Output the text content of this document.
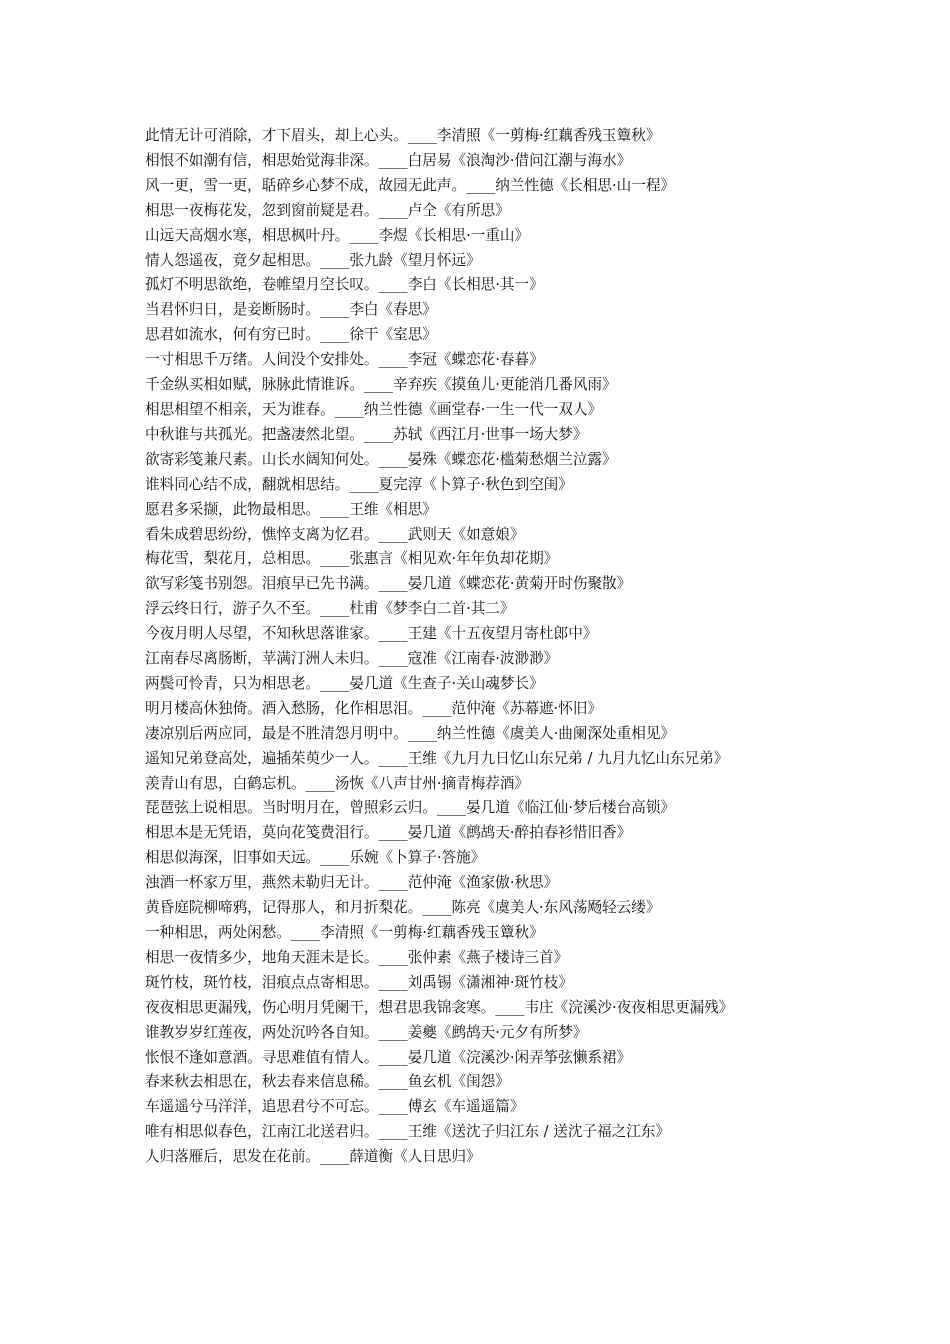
此情无计可消除，才下眉头，却上心头。____李清照《一剪梅·红藕香残玉簟秋》
相恨不如潮有信，相思始觉海非深。____白居易《浪淘沙·借问江潮与海水》
风一更，雪一更，聒碎乡心梦不成，故园无此声。____纳兰性德《长相思·山一程》
相思一夜梅花发，忽到窗前疑是君。____卢仝《有所思》
山远天高烟水寒，相思枫叶丹。____李煜《长相思·一重山》
情人怨遥夜，竟夕起相思。____张九龄《望月怀远》
孤灯不明思欲绝，卷帷望月空长叹。____李白《长相思·其一》
当君怀归日，是妾断肠时。____李白《春思》
思君如流水，何有穷已时。____徐干《室思》
一寸相思千万绪。人间没个安排处。____李冠《蝶恋花·春暮》
千金纵买相如赋，脉脉此情谁诉。____辛弃疾《摸鱼儿·更能消几番风雨》
相思相望不相亲，天为谁春。____纳兰性德《画堂春·一生一代一双人》
中秋谁与共孤光。把盏凄然北望。____苏轼《西江月·世事一场大梦》
欲寄彩笺兼尺素。山长水阔知何处。____晏殊《蝶恋花·槛菊愁烟兰泣露》
谁料同心结不成，翻就相思结。____夏完淳《卜算子·秋色到空闺》
愿君多采撷，此物最相思。____王维《相思》
看朱成碧思纷纷，憔悴支离为忆君。____武则天《如意娘》
梅花雪，梨花月，总相思。____张惠言《相见欢·年年负却花期》
欲写彩笺书别怨。泪痕早已先书满。____晏几道《蝶恋花·黄菊开时伤聚散》
浮云终日行，游子久不至。____杜甫《梦李白二首·其二》
今夜月明人尽望，不知秋思落谁家。____王建《十五夜望月寄杜郎中》
江南春尽离肠断，苹满汀洲人未归。____寇准《江南春·波渺渺》
两鬓可怜青，只为相思老。____晏几道《生查子·关山魂梦长》
明月楼高休独倚。酒入愁肠，化作相思泪。____范仲淹《苏幕遮·怀旧》
凄凉别后两应同，最是不胜清怨月明中。____纳兰性德《虞美人·曲阑深处重相见》
遥知兄弟登高处，遍插茱萸少一人。____王维《九月九日忆山东兄弟 / 九月九忆山东兄弟》
羡青山有思，白鹤忘机。____汤恢《八声甘州·摘青梅荐酒》
琵琶弦上说相思。当时明月在，曾照彩云归。____晏几道《临江仙·梦后楼台高锁》
相思本是无凭语，莫向花笺费泪行。____晏几道《鹧鸪天·醉拍春衫惜旧香》
相思似海深，旧事如天远。____乐婉《卜算子·答施》
浊酒一杯家万里，燕然未勒归无计。____范仲淹《渔家傲·秋思》
黄昏庭院柳啼鸦，记得那人，和月折梨花。____陈亮《虞美人·东风荡飏轻云缕》
一种相思，两处闲愁。____李清照《一剪梅·红藕香残玉簟秋》
相思一夜情多少，地角天涯未是长。____张仲素《燕子楼诗三首》
斑竹枝，斑竹枝，泪痕点点寄相思。____刘禹锡《潇湘神·斑竹枝》
夜夜相思更漏残，伤心明月凭阑干，想君思我锦衾寒。____韦庄《浣溪沙·夜夜相思更漏残》
谁教岁岁红莲夜，两处沉吟各自知。____姜夔《鹧鸪天·元夕有所梦》
怅恨不逢如意酒。寻思难值有情人。____晏几道《浣溪沙·闲弄筝弦懒系裙》
春来秋去相思在，秋去春来信息稀。____鱼玄机《闺怨》
车遥遥兮马洋洋，追思君兮不可忘。____傅玄《车遥遥篇》
唯有相思似春色，江南江北送君归。____王维《送沈子归江东 / 送沈子福之江东》
人归落雁后，思发在花前。____薛道衡《人日思归》
